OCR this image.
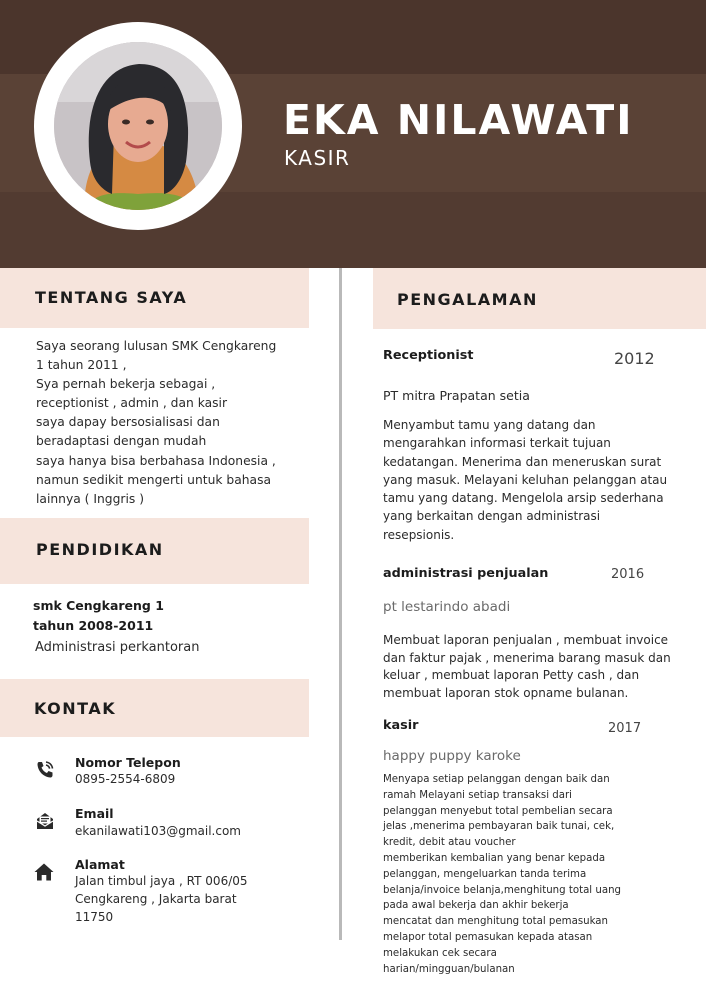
EKA NILAWATI
KASIR
TENTANG SAYA
Saya seorang lulusan SMK Cengkareng
1 tahun 2011 ,
Sya pernah bekerja sebagai ,
receptionist , admin , dan kasir
saya dapay bersosialisasi dan
beradaptasi dengan mudah
saya hanya bisa berbahasa Indonesia ,
namun sedikit mengerti untuk bahasa
lainnya ( Inggris )
PENDIDIKAN
smk Cengkareng 1
tahun 2008-2011
Administrasi perkantoran
KONTAK
Nomor Telepon
0895-2554-6809
Email
ekanilawati103@gmail.com
Alamat
Jalan timbul jaya , RT 006/05
Cengkareng , Jakarta barat
11750
PENGALAMAN
Receptionist	2012
PT mitra Prapatan setia
Menyambut tamu yang datang dan
mengarahkan informasi terkait tujuan
kedatangan. Menerima dan meneruskan surat
yang masuk. Melayani keluhan pelanggan atau
tamu yang datang. Mengelola arsip sederhana
yang berkaitan dengan administrasi
resepsionis.
administrasi penjualan	2016
pt lestarindo abadi
Membuat laporan penjualan , membuat invoice
dan faktur pajak , menerima barang masuk dan
keluar , membuat laporan Petty cash , dan
membuat laporan stok opname bulanan.
kasir	2017
happy puppy karoke
Menyapa setiap pelanggan dengan baik dan
ramah Melayani setiap transaksi dari
pelanggan menyebut total pembelian secara
jelas ,menerima pembayaran baik tunai, cek,
kredit, debit atau voucher
memberikan kembalian yang benar kepada
pelanggan, mengeluarkan tanda terima
belanja/invoice belanja,menghitung total uang
pada awal bekerja dan akhir bekerja
mencatat dan menghitung total pemasukan
melapor total pemasukan kepada atasan
melakukan cek secara
harian/mingguan/bulanan
